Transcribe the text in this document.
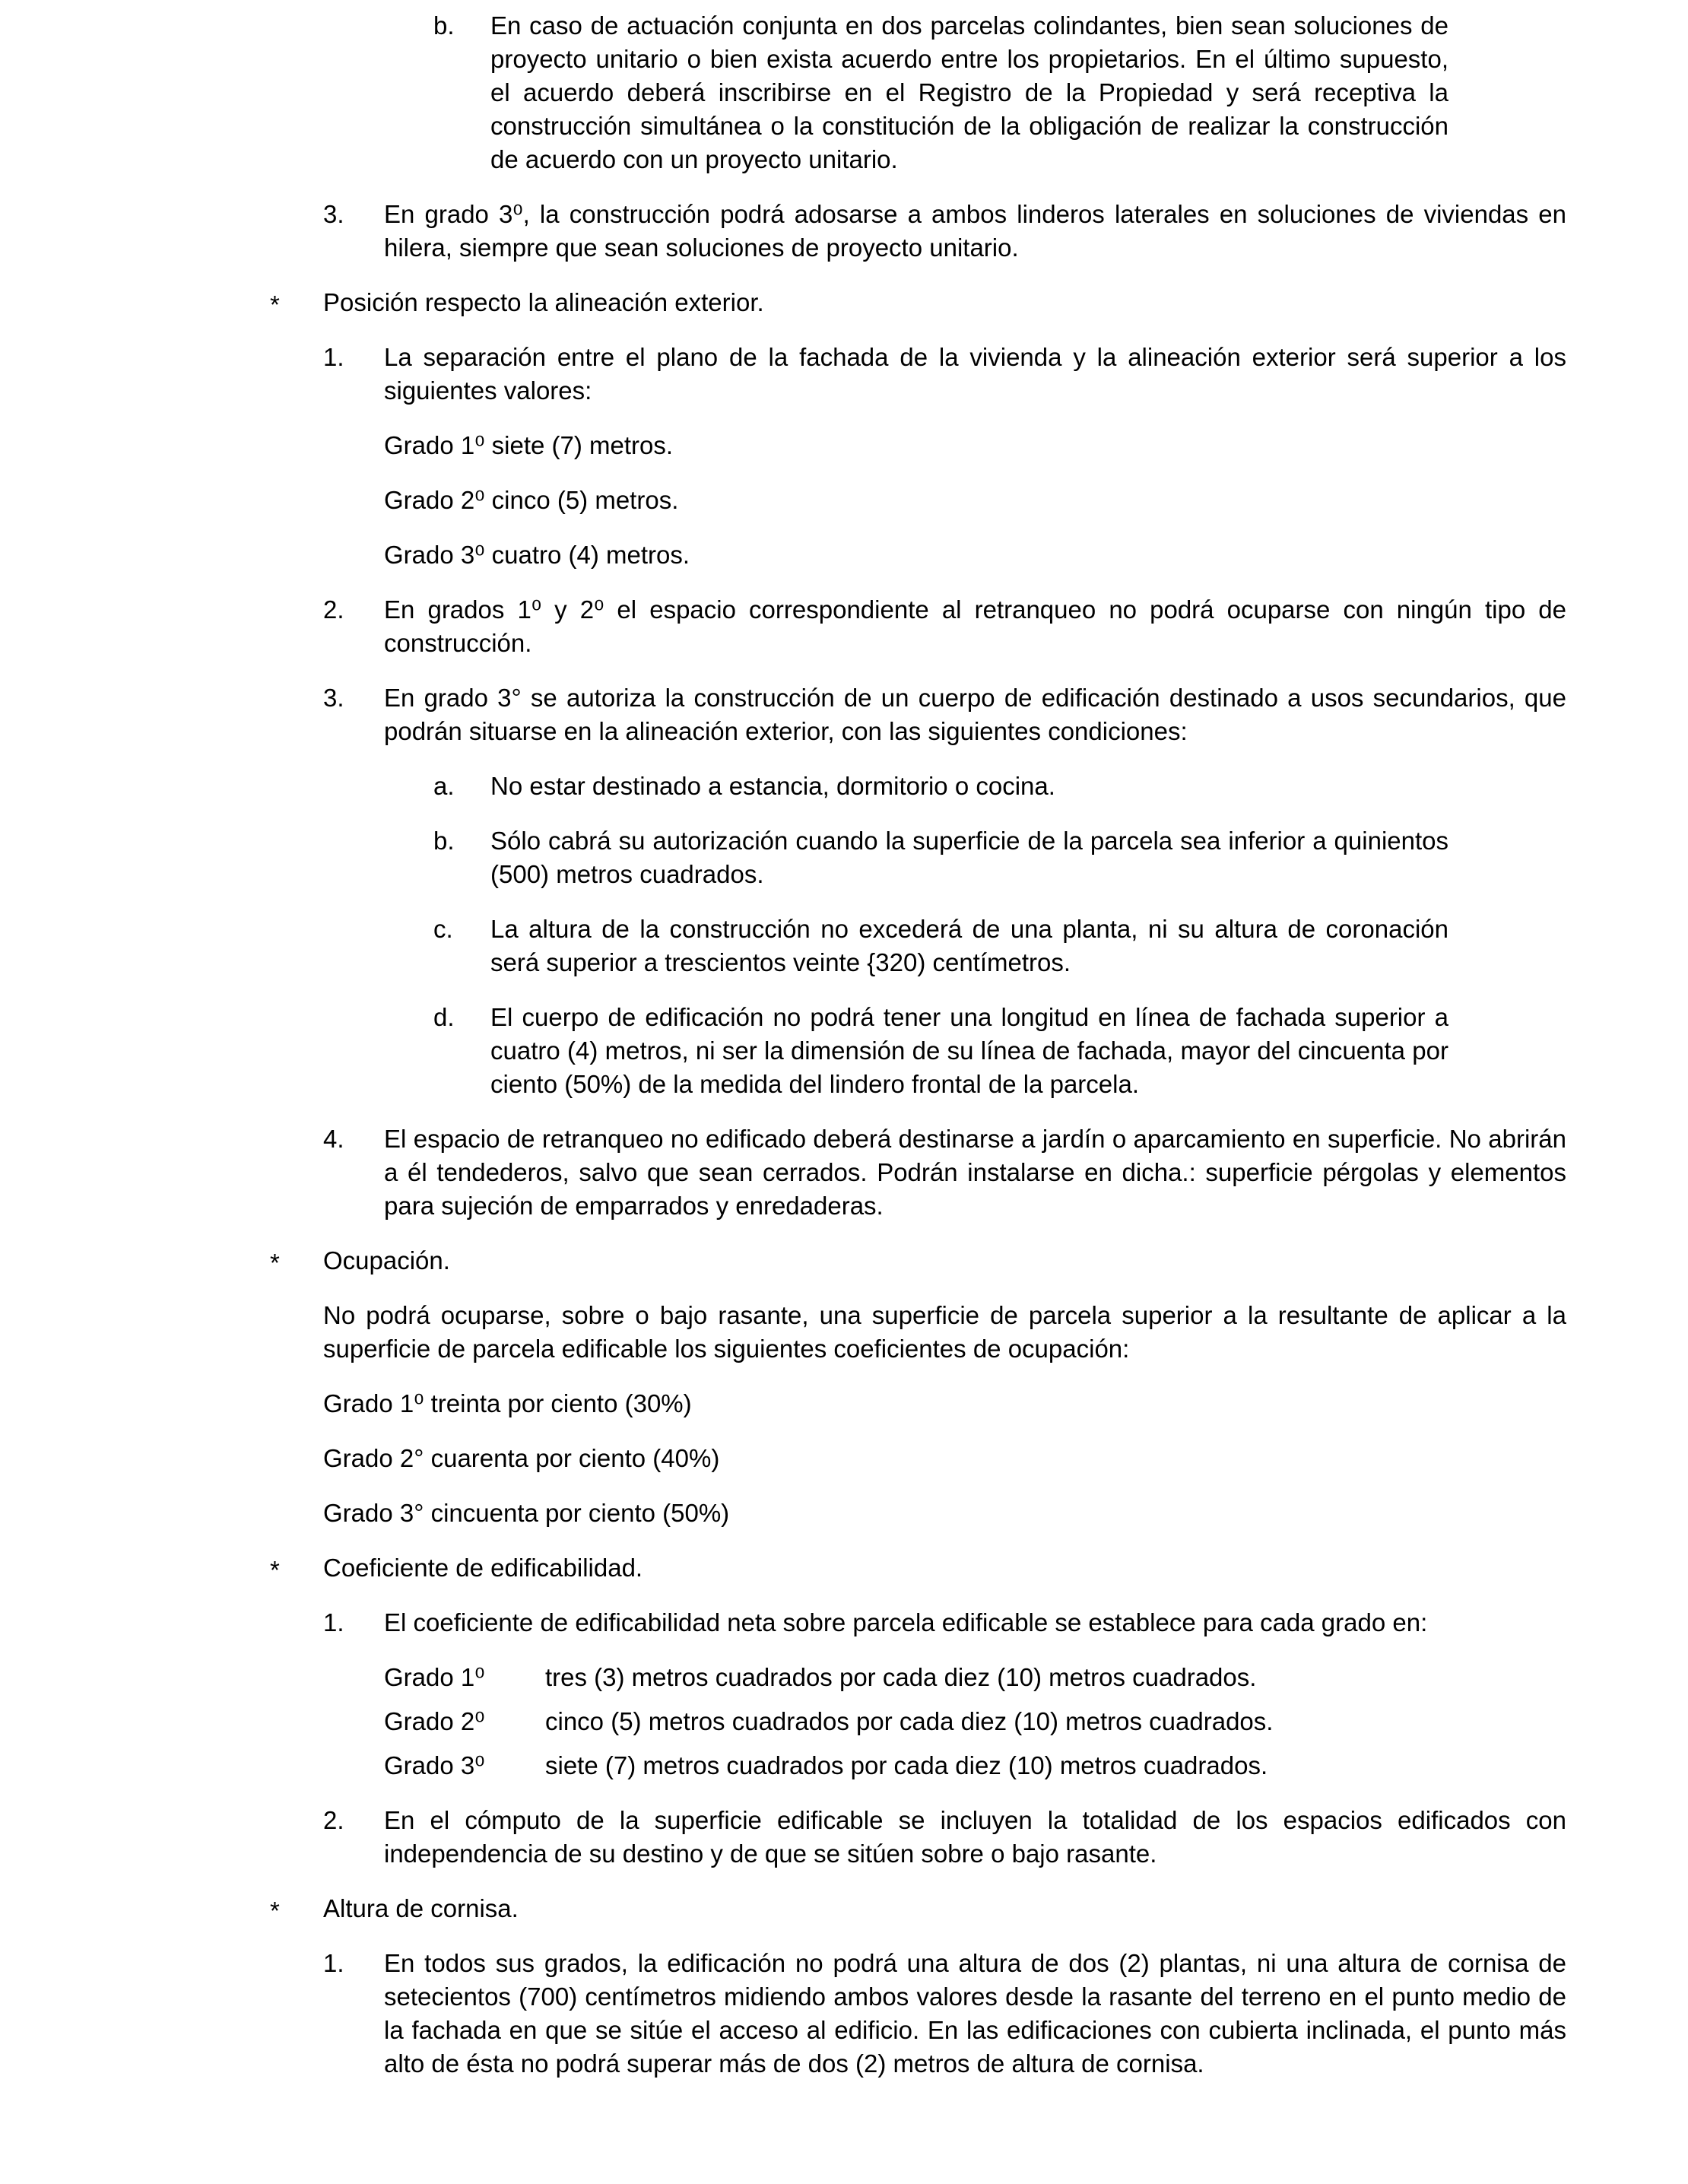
b.	En caso de actuación conjunta en dos parcelas colindantes, bien sean soluciones de proyecto unitario o bien exista acuerdo entre los propietarios. En el último supuesto, el acuerdo deberá inscribirse en el Registro de la Propiedad y será receptiva la construcción simultánea o la constitución de la obligación de realizar la construcción de acuerdo con un proyecto unitario.
3.	En grado 3⁰, la construcción podrá adosarse a ambos linderos laterales en soluciones de viviendas en hilera, siempre que sean soluciones de proyecto unitario.
*	Posición respecto la alineación exterior.
1.	La separación entre el plano de la fachada de la vivienda y la alineación exterior será superior a los siguientes valores:
Grado 1⁰ siete (7) metros.
Grado 2⁰ cinco (5) metros.
Grado 3⁰ cuatro (4) metros.
2.	En grados 1⁰ y 2⁰ el espacio correspondiente al retranqueo no podrá ocuparse con ningún tipo de construcción.
3.	En grado 3° se autoriza la construcción de un cuerpo de edificación destinado a usos secundarios, que podrán situarse en la alineación exterior, con las siguientes condiciones:
a.	No estar destinado a estancia, dormitorio o cocina.
b.	Sólo cabrá su autorización cuando la superficie de la parcela sea inferior a quinientos (500) metros cuadrados.
c.	La altura de la construcción no excederá de una planta, ni su altura de coronación será superior a trescientos veinte {320) centímetros.
d.	El cuerpo de edificación no podrá tener una longitud en línea de fachada superior a cuatro (4) metros, ni ser la dimensión de su línea de fachada, mayor del cincuenta por ciento (50%) de la medida del lindero frontal de la parcela.
4.	El espacio de retranqueo no edificado deberá destinarse a jardín o aparcamiento en superficie. No abrirán a él tendederos, salvo que sean cerrados. Podrán instalarse en dicha.: superficie pérgolas y elementos para sujeción de emparrados y enredaderas.
*	Ocupación.
No podrá ocuparse, sobre o bajo rasante, una superficie de parcela superior a la resultante de aplicar a la superficie de parcela edificable los siguientes coeficientes de ocupación:
Grado 1⁰ treinta por ciento (30%)
Grado 2° cuarenta por ciento (40%)
Grado 3° cincuenta por ciento (50%)
*	Coeficiente de edificabilidad.
1.	El coeficiente de edificabilidad neta sobre parcela edificable se establece para cada grado en:
Grado 1⁰	tres (3) metros cuadrados por cada diez (10) metros cuadrados.
Grado 2⁰	cinco (5) metros cuadrados por cada diez (10) metros cuadrados.
Grado 3⁰	siete (7) metros cuadrados por cada diez (10) metros cuadrados.
2.	En el cómputo de la superficie edificable se incluyen la totalidad de los espacios edificados con independencia de su destino y de que se sitúen sobre o bajo rasante.
*	Altura de cornisa.
1.	En todos sus grados, la edificación no podrá una altura de dos (2) plantas, ni una altura de cornisa de setecientos (700) centímetros midiendo ambos valores desde la rasante del terreno en el punto medio de la fachada en que se sitúe el acceso al edificio. En las edificaciones con cubierta inclinada, el punto más alto de ésta no podrá superar más de dos (2) metros de altura de cornisa.
